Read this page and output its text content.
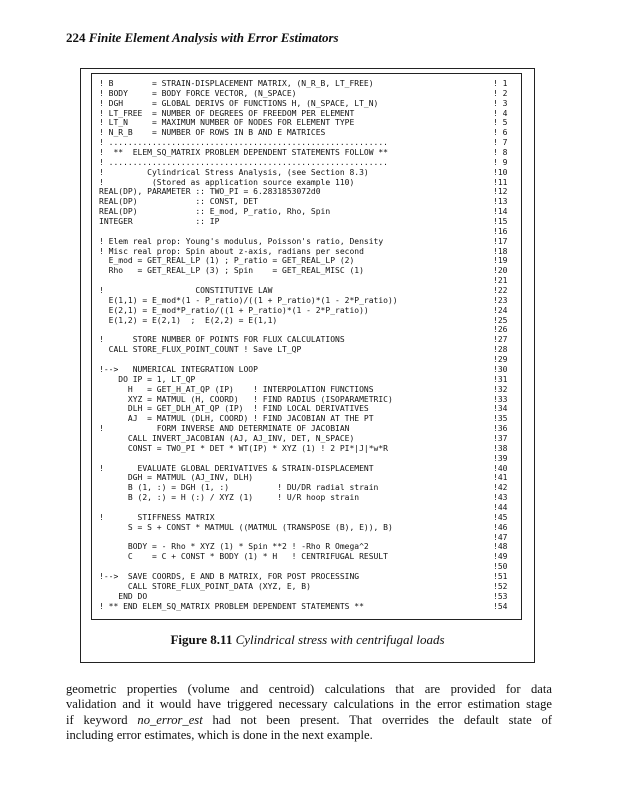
224 Finite Element Analysis with Error Estimators
! B        = STRAIN-DISPLACEMENT MATRIX, (N_R_B, LT_FREE)	! 1
! BODY     = BODY FORCE VECTOR, (N_SPACE)	! 2
! DGH      = GLOBAL DERIVS OF FUNCTIONS H, (N_SPACE, LT_N)	! 3
! LT_FREE  = NUMBER OF DEGREES OF FREEDOM PER ELEMENT	! 4
! LT_N     = MAXIMUM NUMBER OF NODES FOR ELEMENT TYPE	! 5
! N_R_B    = NUMBER OF ROWS IN B AND E MATRICES	! 6
! ..........................................................	! 7
!  **  ELEM_SQ_MATRIX PROBLEM DEPENDENT STATEMENTS FOLLOW **	! 8
! ..........................................................	! 9
!         Cylindrical Stress Analysis, (see Section 8.3)	!10
!          (Stored as application source example 110)	!11
REAL(DP), PARAMETER :: TWO_PI = 6.2831853072d0	!12
REAL(DP)            :: CONST, DET	!13
REAL(DP)            :: E_mod, P_ratio, Rho, Spin	!14
INTEGER             :: IP	!15
!16
! Elem real prop: Young's modulus, Poisson's ratio, Density	!17
! Misc real prop: Spin about z-axis, radians per second	!18
E_mod = GET_REAL_LP (1) ; P_ratio = GET_REAL_LP (2)	!19
Rho   = GET_REAL_LP (3) ; Spin    = GET_REAL_MISC (1)	!20
!21
!                   CONSTITUTIVE LAW	!22
E(1,1) = E_mod*(1 - P_ratio)/((1 + P_ratio)*(1 - 2*P_ratio))	!23
E(2,1) = E_mod*P_ratio/((1 + P_ratio)*(1 - 2*P_ratio))	!24
E(1,2) = E(2,1)  ;  E(2,2) = E(1,1)	!25
!26
!      STORE NUMBER OF POINTS FOR FLUX CALCULATIONS	!27
CALL STORE_FLUX_POINT_COUNT ! Save LT_QP	!28
!29
!-->   NUMERICAL INTEGRATION LOOP	!30
DO IP = 1, LT_QP	!31
H   = GET_H_AT_QP (IP)    ! INTERPOLATION FUNCTIONS	!32
XYZ = MATMUL (H, COORD)   ! FIND RADIUS (ISOPARAMETRIC)	!33
DLH = GET_DLH_AT_QP (IP)  ! FIND LOCAL DERIVATIVES	!34
AJ  = MATMUL (DLH, COORD) ! FIND JACOBIAN AT THE PT	!35
!           FORM INVERSE AND DETERMINATE OF JACOBIAN	!36
CALL INVERT_JACOBIAN (AJ, AJ_INV, DET, N_SPACE)	!37
CONST = TWO_PI * DET * WT(IP) * XYZ (1) ! 2 PI*|J|*w*R	!38
!39
!       EVALUATE GLOBAL DERIVATIVES & STRAIN-DISPLACEMENT	!40
DGH = MATMUL (AJ_INV, DLH)	!41
B (1, :) = DGH (1, :)          ! DU/DR radial strain	!42
B (2, :) = H (:) / XYZ (1)     ! U/R hoop strain	!43
!44
!       STIFFNESS MATRIX	!45
S = S + CONST * MATMUL ((MATMUL (TRANSPOSE (B), E)), B)	!46
!47
BODY = - Rho * XYZ (1) * Spin **2 ! -Rho R Omega^2	!48
C    = C + CONST * BODY (1) * H   ! CENTRIFUGAL RESULT	!49
!50
!-->  SAVE COORDS, E AND B MATRIX, FOR POST PROCESSING	!51
CALL STORE_FLUX_POINT_DATA (XYZ, E, B)	!52
END DO	!53
! ** END ELEM_SQ_MATRIX PROBLEM DEPENDENT STATEMENTS **	!54
Figure 8.11 Cylindrical stress with centrifugal loads
geometric properties (volume and centroid) calculations that are provided for data
validation and it would have triggered necessary calculations in the error estimation stage
if keyword no_error_est had not been present. That overrides the default state of
including error estimates, which is done in the next example.
